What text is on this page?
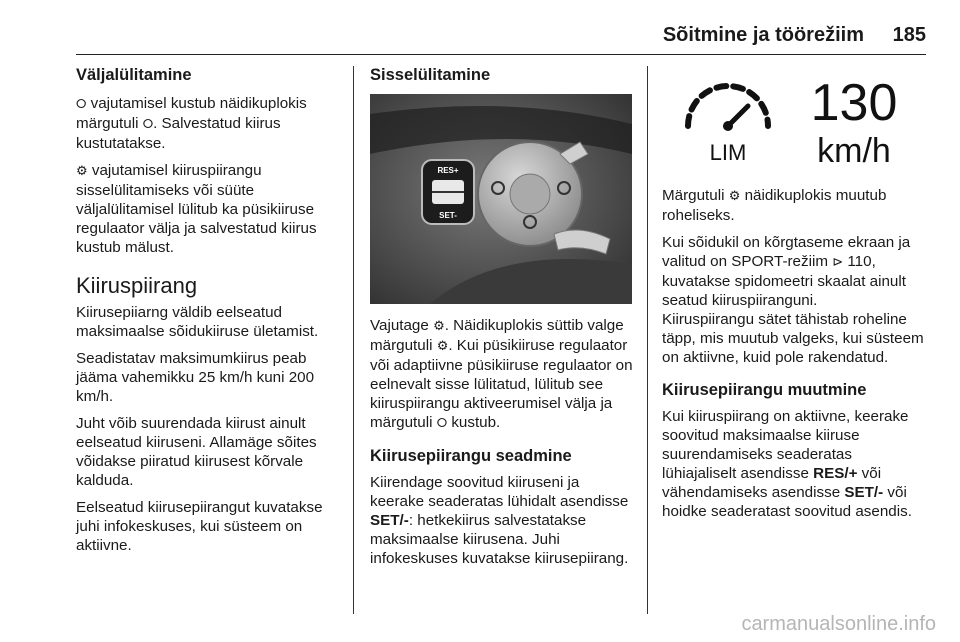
Sõitmine ja töörežiim 185
Väljalülitamine

⭘ vajutamisel kustub näidikuplokis märgutuli ⭘. Salvestatud kiirus kustutatakse.

⚙ vajutamisel kiiruspiirangu sisselülitamiseks või süüte väljalülitamisel lülitub ka püsikiiruse regulaator välja ja salvestatud kiirus kustub mälust.

Kiiruspiirang

Kiirusepiiarng väldib eelseatud maksimaalse sõidukiiruse ületamist.

Seadistatav maksimumkiirus peab jääma vahemikku 25 km/h kuni 200 km/h.

Juht võib suurendada kiirust ainult eelseatud kiiruseni. Allamäge sõites võidakse piiratud kiirusest kõrvale kalduda.

Eelseatud kiirusepiirangut kuvatakse juhi infokeskuses, kui süsteem on aktiivne.

Sisselülitamine
RES+
SET-

Vajutage ⚙. Näidikuplokis süttib valge märgutuli ⚙. Kui püsikiiruse regulaator või adaptiivne püsikiiruse regulaator on eelnevalt sisse lülitatud, lülitub see kiiruspiirangu aktiveerumisel välja ja märgutuli ⭘ kustub.

Kiirusepiirangu seadmine

Kiirendage soovitud kiiruseni ja keerake seaderatas lühidalt asendisse SET/-: hetkekiirus salvestatakse maksimaalse kiirusena. Juhi infokeskuses kuvatakse kiirusepiirang.

LIM
130
km/h

Märgutuli ⚙ näidikuplokis muutub roheliseks.

Kui sõidukil on kõrgtaseme ekraan ja valitud on SPORT-režiim ⊳ 110, kuvatakse spidomeetri skaalat ainult seatud kiiruspiiranguni.

Kiiruspiirangu sätet tähistab roheline täpp, mis muutub valgeks, kui süsteem on aktiivne, kuid pole rakendatud.

Kiirusepiirangu muutmine

Kui kiiruspiirang on aktiivne, keerake soovitud maksimaalse kiiruse suurendamiseks seaderatas lühiajaliselt asendisse RES/+ või vähendamiseks asendisse SET/- või hoidke seaderatast soovitud asendis.

carmanualsonline.info
